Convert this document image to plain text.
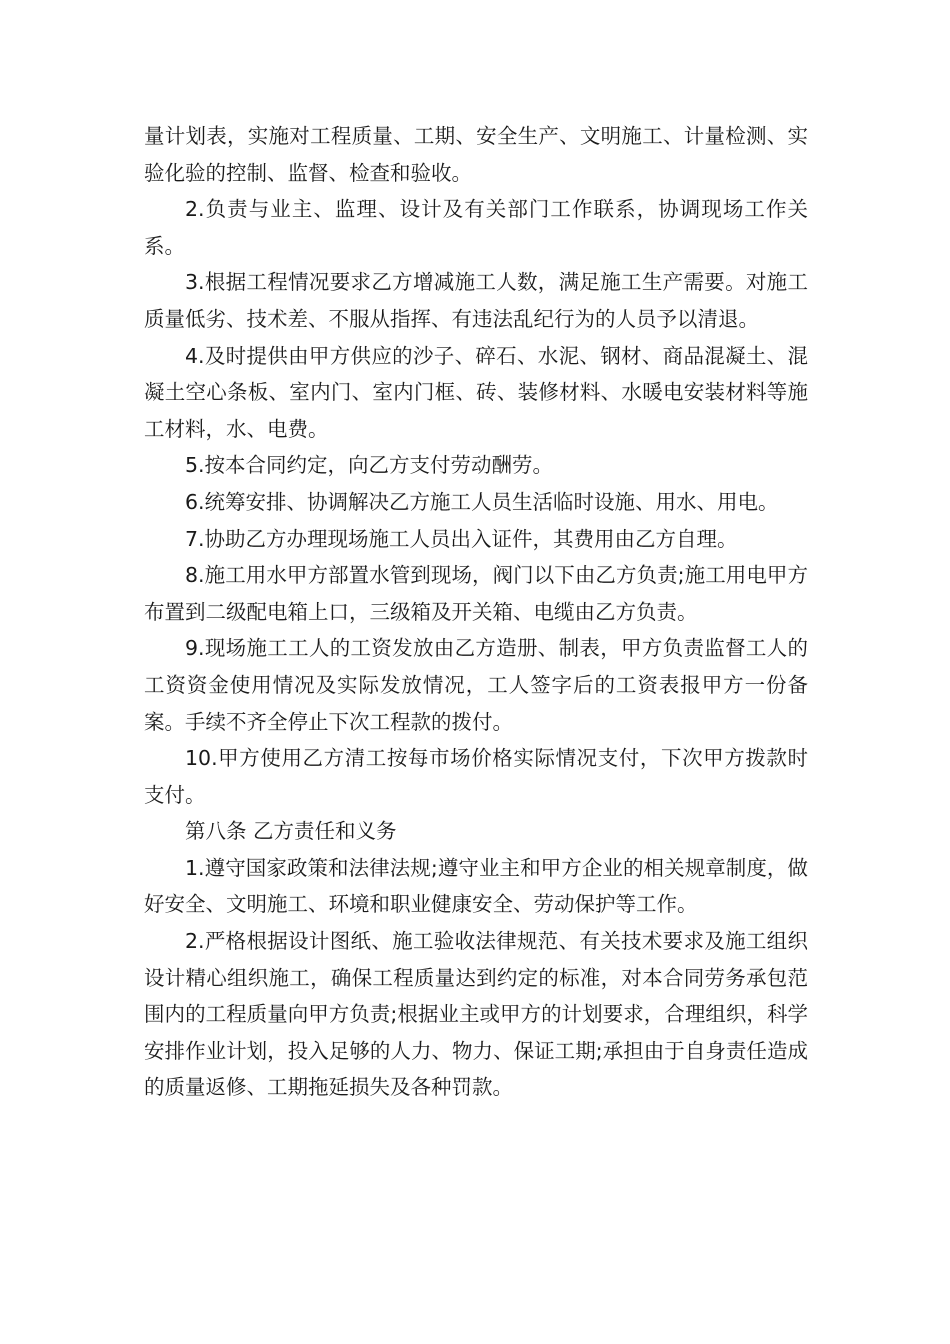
量计划表，实施对工程质量、工期、安全生产、文明施工、计量检测、实验化验的控制、监督、检查和验收。

2.负责与业主、监理、设计及有关部门工作联系，协调现场工作关系。

3.根据工程情况要求乙方增减施工人数，满足施工生产需要。对施工质量低劣、技术差、不服从指挥、有违法乱纪行为的人员予以清退。

4.及时提供由甲方供应的沙子、碎石、水泥、钢材、商品混凝土、混凝土空心条板、室内门、室内门框、砖、装修材料、水暖电安装材料等施工材料，水、电费。

5.按本合同约定，向乙方支付劳动酬劳。

6.统筹安排、协调解决乙方施工人员生活临时设施、用水、用电。

7.协助乙方办理现场施工人员出入证件，其费用由乙方自理。

8.施工用水甲方部置水管到现场，阀门以下由乙方负责;施工用电甲方布置到二级配电箱上口，三级箱及开关箱、电缆由乙方负责。

9.现场施工工人的工资发放由乙方造册、制表，甲方负责监督工人的工资资金使用情况及实际发放情况，工人签字后的工资表报甲方一份备案。手续不齐全停止下次工程款的拨付。

10.甲方使用乙方清工按每市场价格实际情况支付，下次甲方拨款时支付。

第八条 乙方责任和义务

1.遵守国家政策和法律法规;遵守业主和甲方企业的相关规章制度，做好安全、文明施工、环境和职业健康安全、劳动保护等工作。

2.严格根据设计图纸、施工验收法律规范、有关技术要求及施工组织设计精心组织施工，确保工程质量达到约定的标准，对本合同劳务承包范围内的工程质量向甲方负责;根据业主或甲方的计划要求，合理组织，科学安排作业计划，投入足够的人力、物力、保证工期;承担由于自身责任造成的质量返修、工期拖延损失及各种罚款。
